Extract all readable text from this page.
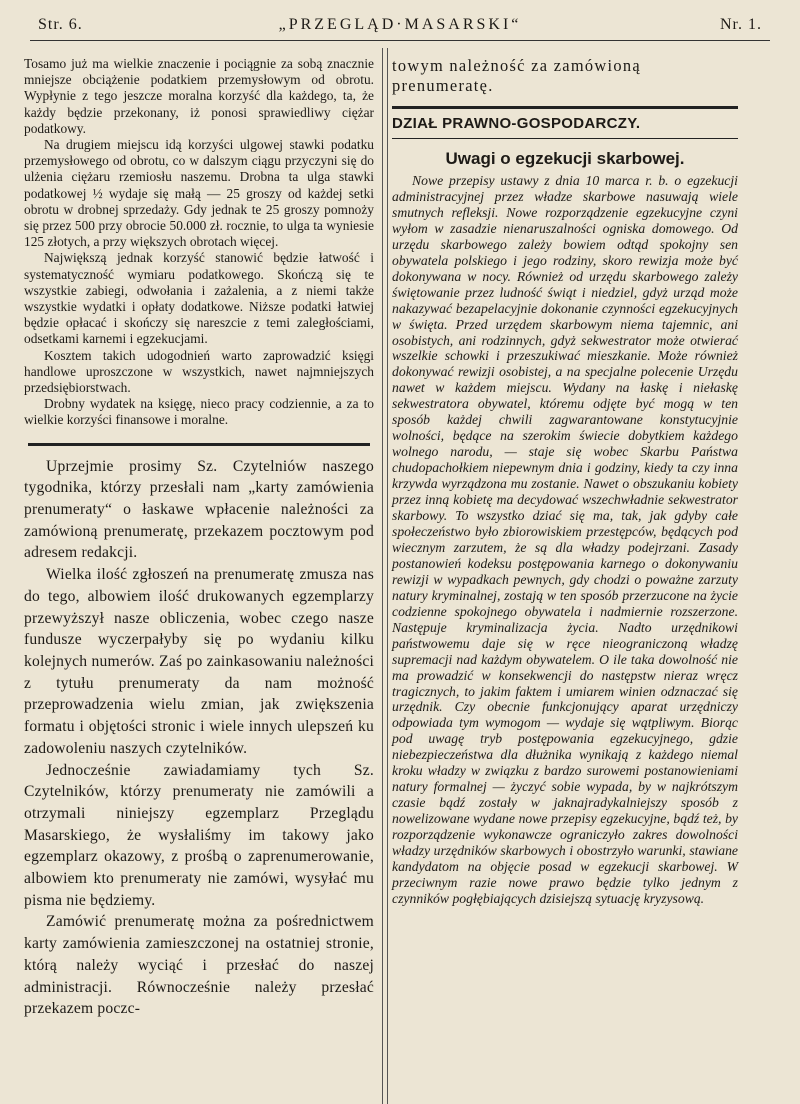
Str. 6.	„PRZEGLĄD·MASARSKI“	Nr. 1.

Tosamo już ma wielkie znaczenie i pociągnie za sobą znacznie mniejsze obciążenie podatkiem przemysłowym od obrotu. Wypłynie z tego jeszcze moralna korzyść dla każdego, ta, że każdy będzie przekonany, iż ponosi sprawiedliwy ciężar podatkowy.

Na drugiem miejscu idą korzyści ulgowej stawki podatku przemysłowego od obrotu, co w dalszym ciągu przyczyni się do ulżenia ciężaru rzemiosłu naszemu. Drobna ta ulga stawki podatkowej ½ wydaje się małą — 25 groszy od każdej setki obrotu w drobnej sprzedaży. Gdy jednak te 25 groszy pomnoży się przez 500 przy obrocie 50.000 zł. rocznie, to ulga ta wyniesie 125 złotych, a przy większych obrotach więcej.

Największą jednak korzyść stanowić będzie łatwość i systematyczność wymiaru podatkowego. Skończą się te wszystkie zabiegi, odwołania i zażalenia, a z niemi także wszystkie wydatki i opłaty dodatkowe. Niższe podatki łatwiej będzie opłacać i skończy się nareszcie z temi zaległościami, odsetkami karnemi i egzekucjami.

Kosztem takich udogodnień warto zaprowadzić księgi handlowe uproszczone w wszystkich, nawet najmniejszych przedsiębiorstwach.

Drobny wydatek na księgę, nieco pracy codziennie, a za to wielkie korzyści finansowe i moralne.

Uprzejmie prosimy Sz. Czytelniów naszego tygodnika, którzy przesłali nam „karty zamówienia prenumeraty“ o łaskawe wpłacenie należności za zamówioną prenumeratę, przekazem pocztowym pod adresem redakcji.

Wielka ilość zgłoszeń na prenumeratę zmusza nas do tego, albowiem ilość drukowanych egzemplarzy przewyższył nasze obliczenia, wobec czego nasze fundusze wyczerpałyby się po wydaniu kilku kolejnych numerów. Zaś po zainkasowaniu należności z tytułu prenumeraty da nam możność przeprowadzenia wielu zmian, jak zwiększenia formatu i objętości stronic i wiele innych ulepszeń ku zadowoleniu naszych czytelników.

Jednocześnie zawiadamiamy tych Sz. Czytelników, którzy prenumeraty nie zamówili a otrzymali niniejszy egzemplarz Przeglądu Masarskiego, że wysłaliśmy im takowy jako egzemplarz okazowy, z prośbą o zaprenumerowanie, albowiem kto prenumeraty nie zamówi, wysyłać mu pisma nie będziemy.

Zamówić prenumeratę można za pośrednictwem karty zamówienia zamieszczonej na ostatniej stronie, którą należy wyciąć i przesłać do naszej administracji. Równocześnie należy przesłać przekazem poczc-

towym należność za zamówioną prenumeratę.

DZIAŁ PRAWNO-GOSPODARCZY.

Uwagi o egzekucji skarbowej.

Nowe przepisy ustawy z dnia 10 marca r. b. o egzekucji administracyjnej przez władze skarbowe nasuwają wiele smutnych refleksji. Nowe rozporządzenie egzekucyjne czyni wyłom w zasadzie nienaruszalności ogniska domowego. Od urzędu skarbowego zależy bowiem odtąd spokojny sen obywatela polskiego i jego rodziny, skoro rewizja może być dokonywana w nocy. Również od urzędu skarbowego zależy świętowanie przez ludność świąt i niedziel, gdyż urząd może nakazywać bezapelacyjnie dokonanie czynności egzekucyjnych w święta. Przed urzędem skarbowym niema tajemnic, ani osobistych, ani rodzinnych, gdyż sekwestrator może otwierać wszelkie schowki i przeszukiwać mieszkanie. Może również dokonywać rewizji osobistej, a na specjalne polecenie Urzędu nawet w każdem miejscu. Wydany na łaskę i niełaskę sekwestratora obywatel, któremu odjęte być mogą w ten sposób każdej chwili zagwarantowane konstytucyjnie wolności, będące na szerokim świecie dobytkiem każdego wolnego narodu, — staje się wobec Skarbu Państwa chudopachołkiem niepewnym dnia i godziny, kiedy ta czy inna krzywda wyrządzona mu zostanie. Nawet o obszukaniu kobiety przez inną kobietę ma decydować wszechwładnie sekwestrator skarbowy. To wszystko dziać się ma, tak, jak gdyby całe społeczeństwo było zbiorowiskiem przestępców, będących pod wiecznym zarzutem, że są dla władzy podejrzani. Zasady postanowień kodeksu postępowania karnego o dokonywaniu rewizji w wypadkach pewnych, gdy chodzi o poważne zarzuty natury kryminalnej, zostają w ten sposób przerzucone na życie codzienne spokojnego obywatela i nadmiernie rozszerzone. Następuje kryminalizacja życia. Nadto urzędnikowi państwowemu daje się w ręce nieograniczoną władzę supremacji nad każdym obywatelem. O ile taka dowolność nie ma prowadzić w konsekwencji do następstw nieraz wręcz tragicznych, to jakim faktem i umiarem winien odznaczać się urzędnik. Czy obecnie funkcjonujący aparat urzędniczy odpowiada tym wymogom — wydaje się wątpliwym. Biorąc pod uwagę tryb postępowania egzekucyjnego, gdzie niebezpieczeństwa dla dłużnika wynikają z każdego niemal kroku władzy w związku z bardzo surowemi postanowieniami natury formalnej — życzyć sobie wypada, by w najkrótszym czasie bądź zostały w jaknajradykalniejszy sposób z nowelizowane wydane nowe przepisy egzekucyjne, bądź też, by rozporządzenie wykonawcze ograniczyło zakres dowolności władzy urzędników skarbowych i obostrzyło warunki, stawiane kandydatom na objęcie posad w egzekucji skarbowej. W przeciwnym razie nowe prawo będzie tylko jednym z czynników pogłębiających dzisiejszą sytuację kryzysową.
